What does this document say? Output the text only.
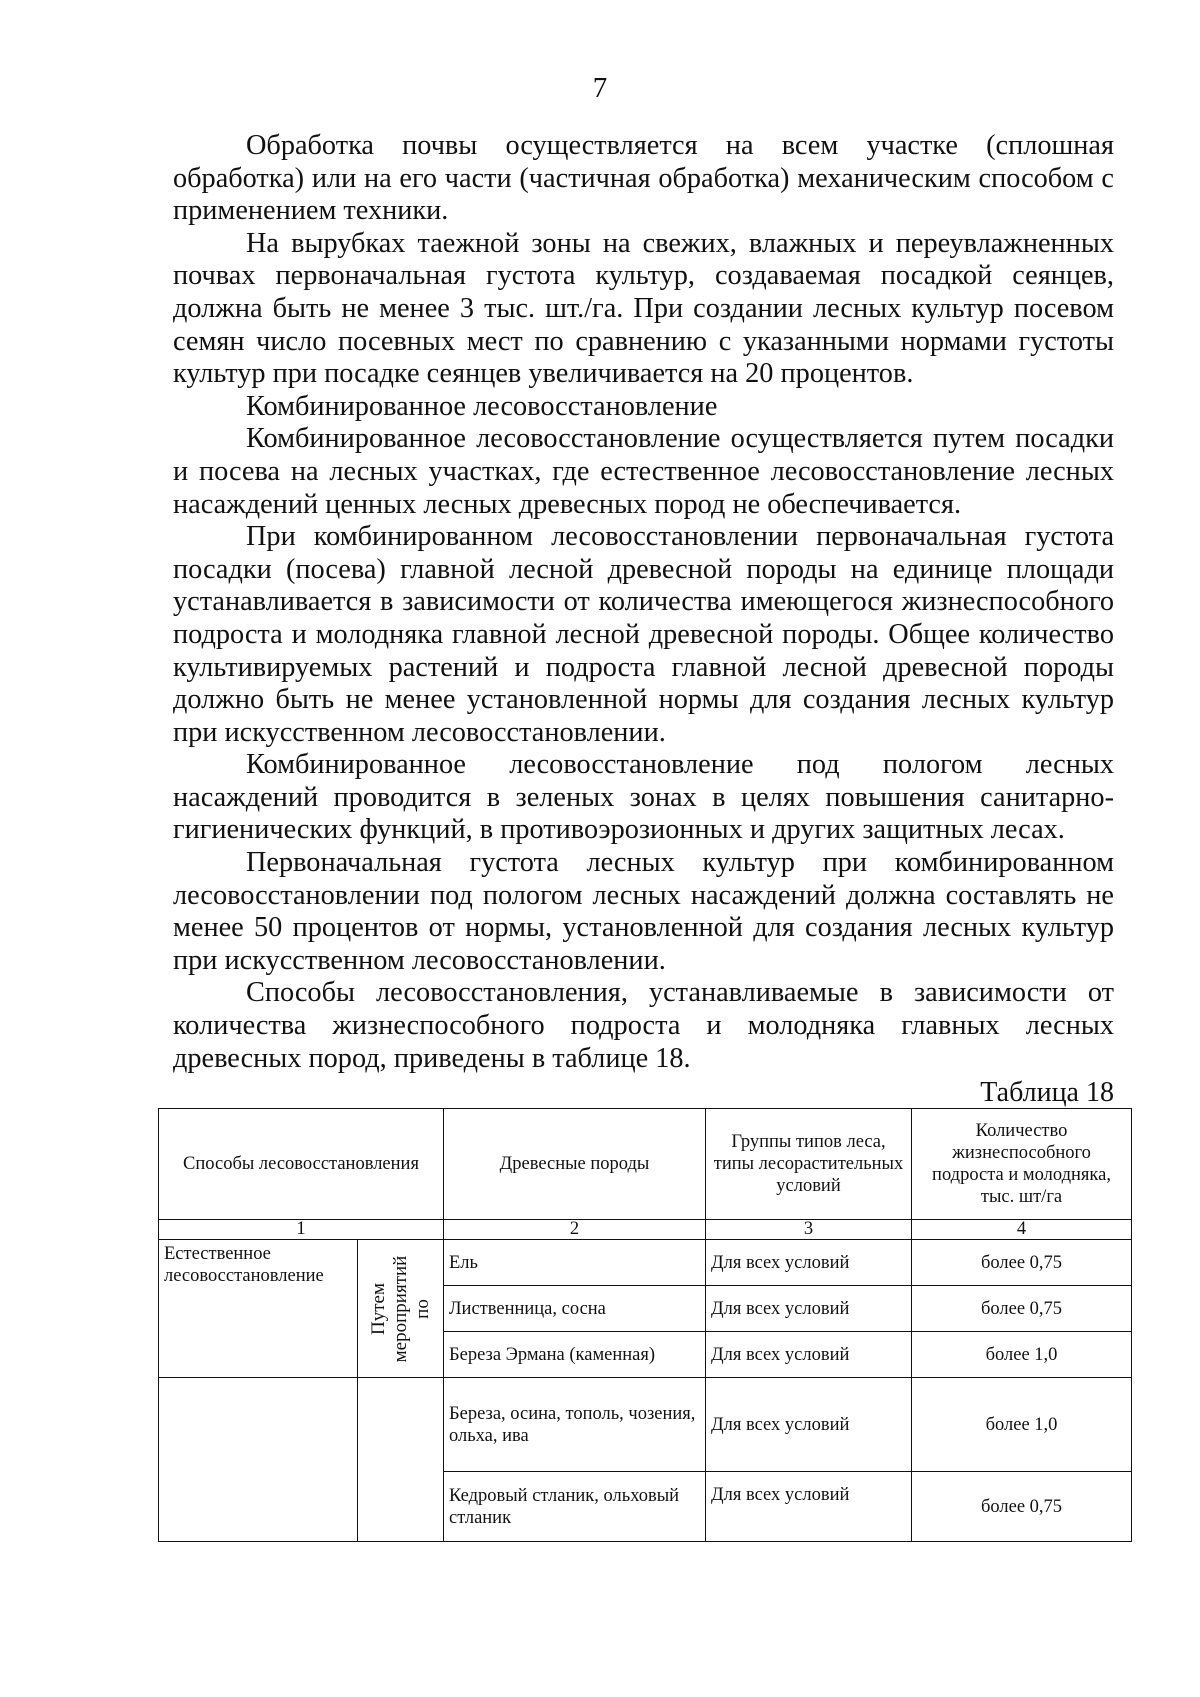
7

Обработка почвы осуществляется на всем участке (сплошная обработка) или на его части (частичная обработка) механическим способом с применением техники.

На вырубках таежной зоны на свежих, влажных и переувлажненных почвах первоначальная густота культур, создаваемая посадкой сеянцев, должна быть не менее 3 тыс. шт./га. При создании лесных культур посевом семян число посевных мест по сравнению с указанными нормами густоты культур при посадке сеянцев увеличивается на 20 процентов.

Комбинированное лесовосстановление

Комбинированное лесовосстановление осуществляется путем посадки и посева на лесных участках, где естественное лесовосстановление лесных насаждений ценных лесных древесных пород не обеспечивается.

При комбинированном лесовосстановлении первоначальная густота посадки (посева) главной лесной древесной породы на единице площади устанавливается в зависимости от количества имеющегося жизнеспособного подроста и молодняка главной лесной древесной породы. Общее количество культивируемых растений и подроста главной лесной древесной породы должно быть не менее установленной нормы для создания лесных культур при искусственном лесовосстановлении.

Комбинированное лесовосстановление под пологом лесных насаждений проводится в зеленых зонах в целях повышения санитарно-гигиенических функций, в противоэрозионных и других защитных лесах.

Первоначальная густота лесных культур при комбинированном лесовосстановлении под пологом лесных насаждений должна составлять не менее 50 процентов от нормы, установленной для создания лесных культур при искусственном лесовосстановлении.

Способы лесовосстановления, устанавливаемые в зависимости от количества жизнеспособного подроста и молодняка главных лесных древесных пород, приведены в таблице 18.

Таблица 18
Способы лесовосстановления		Древесные породы	Группы типов леса, типы лесорастительных условий	Количество жизнеспособного подроста и молодняка, тыс. шт/га
1		2	3	4
Естественное лесовосстановление	Путем мероприятий по	Ель	Для всех условий	более 0,75
		Лиственница, сосна	Для всех условий	более 0,75
		Береза Эрмана (каменная)	Для всех условий	более 1,0
		Береза, осина, тополь, чозения, ольха, ива	Для всех условий	более 1,0
		Кедровый стланик, ольховый стланик	Для всех условий	более 0,75
